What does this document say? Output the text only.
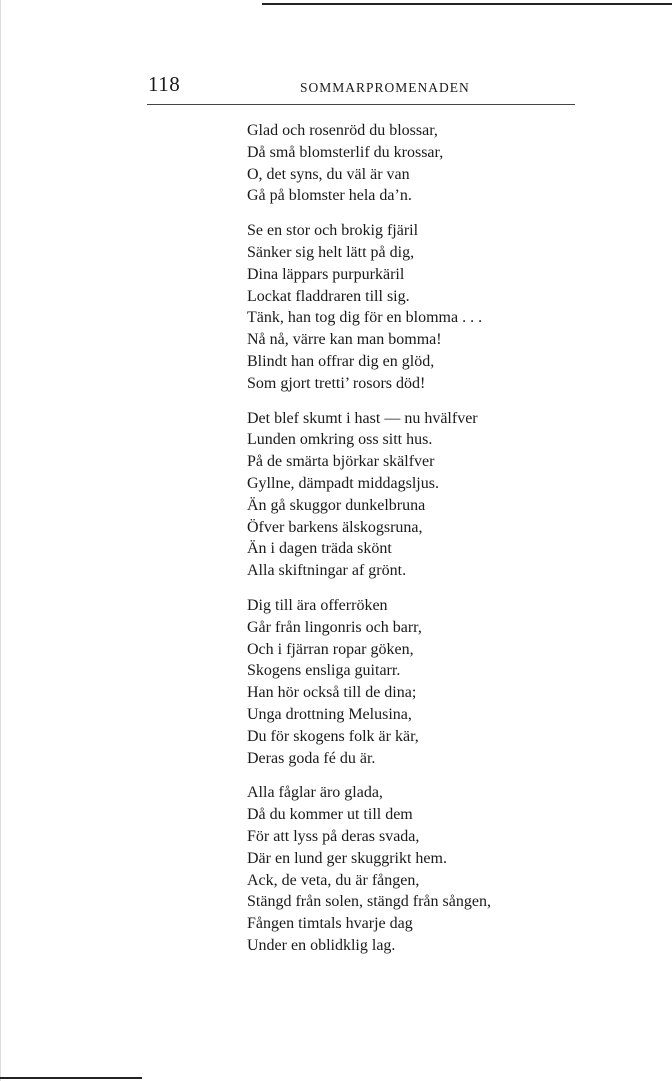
118	SOMMARPROMENADEN
Glad och rosenröd du blossar,
Då små blomsterlif du krossar,
O, det syns, du väl är van
Gå på blomster hela da’n.
Se en stor och brokig fjäril
Sänker sig helt lätt på dig,
Dina läppars purpurkäril
Lockat fladdraren till sig.
Tänk, han tog dig för en blomma . . .
Nå nå, värre kan man bomma!
Blindt han offrar dig en glöd,
Som gjort tretti’ rosors död!
Det blef skumt i hast — nu hvälfver
Lunden omkring oss sitt hus.
På de smärta björkar skälfver
Gyllne, dämpadt middagsljus.
Än gå skuggor dunkelbruna
Öfver barkens älskogsruna,
Än i dagen träda skönt
Alla skiftningar af grönt.
Dig till ära offerröken
Går från lingonris och barr,
Och i fjärran ropar göken,
Skogens ensliga guitarr.
Han hör också till de dina;
Unga drottning Melusina,
Du för skogens folk är kär,
Deras goda fé du är.
Alla fåglar äro glada,
Då du kommer ut till dem
För att lyss på deras svada,
Där en lund ger skuggrikt hem.
Ack, de veta, du är fången,
Stängd från solen, stängd från sången,
Fången timtals hvarje dag
Under en oblidklig lag.
